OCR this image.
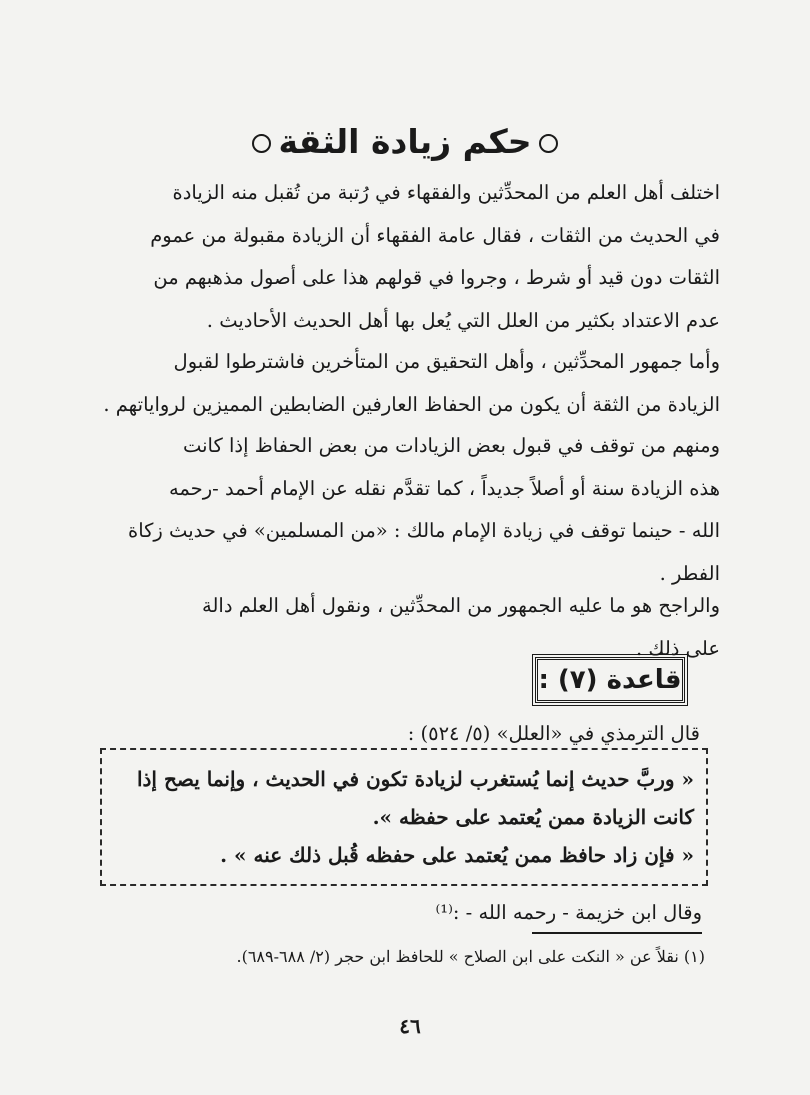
حكم زيادة الثقة
اختلف أهل العلم من المحدِّثين والفقهاء في رُتبة من تُقبل منه الزيادة
في الحديث من الثقات ، فقال عامة الفقهاء أن الزيادة مقبولة من عموم
الثقات دون قيد أو شرط ، وجروا في قولهم هذا على أصول مذهبهم من
عدم الاعتداد بكثير من العلل التي يُعل بها أهل الحديث الأحاديث .
وأما جمهور المحدِّثين ، وأهل التحقيق من المتأخرين فاشترطوا لقبول
الزيادة من الثقة أن يكون من الحفاظ العارفين الضابطين المميزين لرواياتهم .
ومنهم من توقف في قبول بعض الزيادات من بعض الحفاظ إذا كانت
هذه الزيادة سنة أو أصلاً جديداً ، كما تقدَّم نقله عن الإمام أحمد -رحمه
الله - حينما توقف في زيادة الإمام مالك : «من المسلمين» في حديث زكاة
الفطر .
والراجح هو ما عليه الجمهور من المحدِّثين ، ونقول أهل العلم دالة
على ذلك .
قاعدة (٧) :
قال الترمذي في «العلل» (٥/ ٥٢٤) :
« وربَّ حديث إنما يُستغرب لزيادة تكون في الحديث ، وإنما يصح إذا
كانت الزيادة ممن يُعتمد على حفظه ».
« فإن زاد حافظ ممن يُعتمد على حفظه قُبل ذلك عنه » .
وقال ابن خزيمة - رحمه الله - :⁽¹⁾
(١) نقلاً عن « النكت على ابن الصلاح » للحافظ ابن حجر (٢/ ٦٨٨-٦٨٩).
٤٦
